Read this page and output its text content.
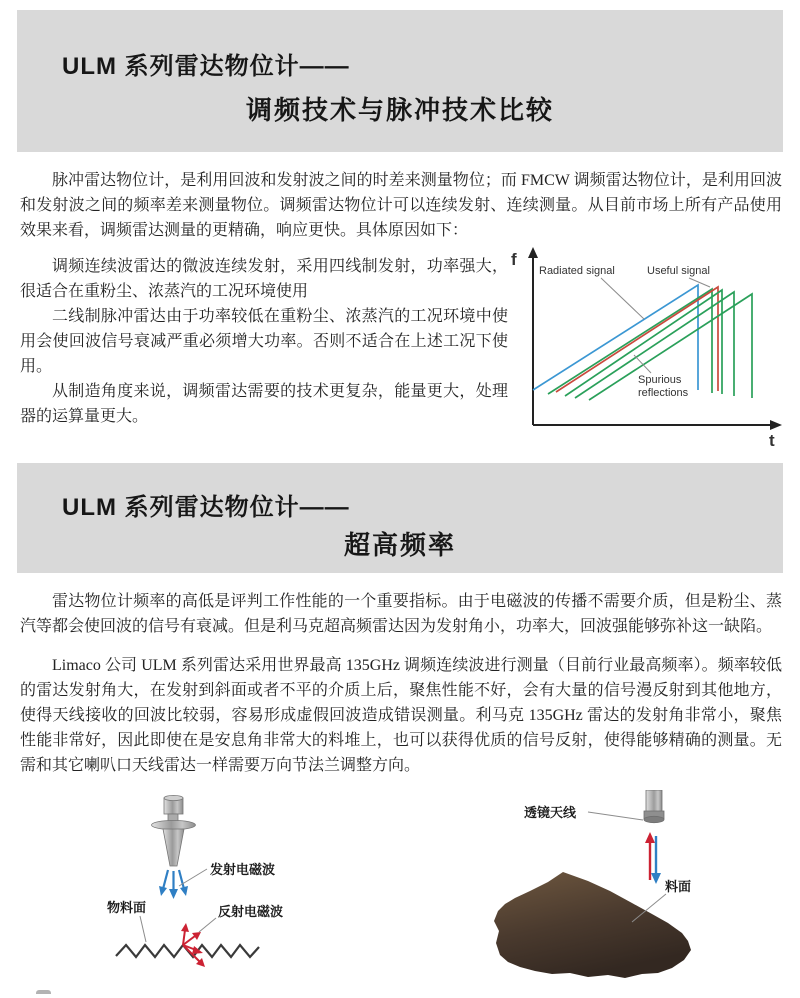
ULM 系列雷达物位计——
调频技术与脉冲技术比较

脉冲雷达物位计，是利用回波和发射波之间的时差来测量物位；而 FMCW 调频雷达物位计，是利用回波和发射波之间的频率差来测量物位。调频雷达物位计可以连续发射、连续测量。从目前市场上所有产品使用效果来看，调频雷达测量的更精确，响应更快。具体原因如下：

调频连续波雷达的微波连续发射，采用四线制发射，功率强大，很适合在重粉尘、浓蒸汽的工况环境使用

二线制脉冲雷达由于功率较低在重粉尘、浓蒸汽的工况环境中使用会使回波信号衰减严重必须增大功率。否则不适合在上述工况下使用。

从制造角度来说，调频雷达需要的技术更复杂，能量更大，处理器的运算量更大。

f
t
Radiated signal	Useful signal
Spurious
reflections
ULM 系列雷达物位计——
超高频率

雷达物位计频率的高低是评判工作性能的一个重要指标。由于电磁波的传播不需要介质，但是粉尘、蒸汽等都会使回波的信号有衰减。但是利马克超高频雷达因为发射角小，功率大，回波强能够弥补这一缺陷。

Limaco 公司 ULM 系列雷达采用世界最高 135GHz 调频连续波进行测量（目前行业最高频率）。频率较低的雷达发射角大，在发射到斜面或者不平的介质上后，聚焦性能不好，会有大量的信号漫反射到其他地方，使得天线接收的回波比较弱，容易形成虚假回波造成错误测量。利马克 135GHz 雷达的发射角非常小，聚焦性能非常好，因此即使在是安息角非常大的料堆上，也可以获得优质的信号反射，使得能够精确的测量。无需和其它喇叭口天线雷达一样需要万向节法兰调整方向。

发射电磁波
物料面	反射电磁波
透镜天线
料面
